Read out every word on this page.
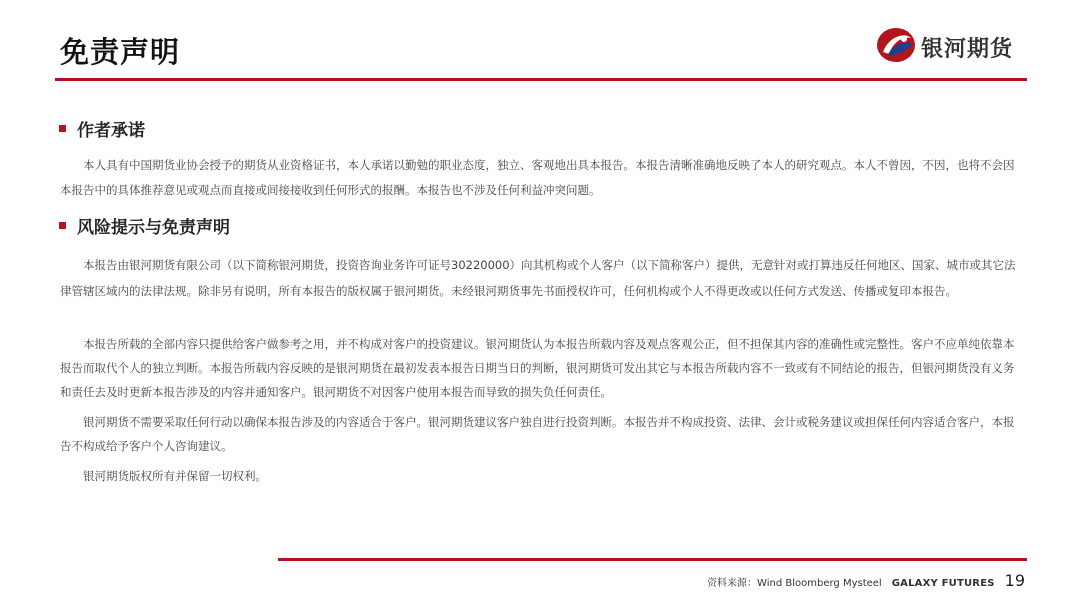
免责声明	银河期货
作者承诺
本人具有中国期货业协会授予的期货从业资格证书，本人承诺以勤勉的职业态度，独立、客观地出具本报告。本报告清晰准确地反映了本人的研究观点。本人不曾因，不因，也将不会因本报告中的具体推荐意见或观点而直接或间接接收到任何形式的报酬。本报告也不涉及任何利益冲突问题。
风险提示与免责声明
本报告由银河期货有限公司（以下简称银河期货，投资咨询业务许可证号30220000）向其机构或个人客户（以下简称客户）提供，无意针对或打算违反任何地区、国家、城市或其它法律管辖区域内的法律法规。除非另有说明，所有本报告的版权属于银河期货。未经银河期货事先书面授权许可，任何机构或个人不得更改或以任何方式发送、传播或复印本报告。
本报告所载的全部内容只提供给客户做参考之用，并不构成对客户的投资建议。银河期货认为本报告所载内容及观点客观公正，但不担保其内容的准确性或完整性。客户不应单纯依靠本报告而取代个人的独立判断。本报告所载内容反映的是银河期货在最初发表本报告日期当日的判断，银河期货可发出其它与本报告所载内容不一致或有不同结论的报告，但银河期货没有义务和责任去及时更新本报告涉及的内容并通知客户。银河期货不对因客户使用本报告而导致的损失负任何责任。
银河期货不需要采取任何行动以确保本报告涉及的内容适合于客户。银河期货建议客户独自进行投资判断。本报告并不构成投资、法律、会计或税务建议或担保任何内容适合客户，本报告不构成给予客户个人咨询建议。
银河期货版权所有并保留一切权利。
资料来源：Wind Bloomberg Mysteel GALAXY FUTURES 19
